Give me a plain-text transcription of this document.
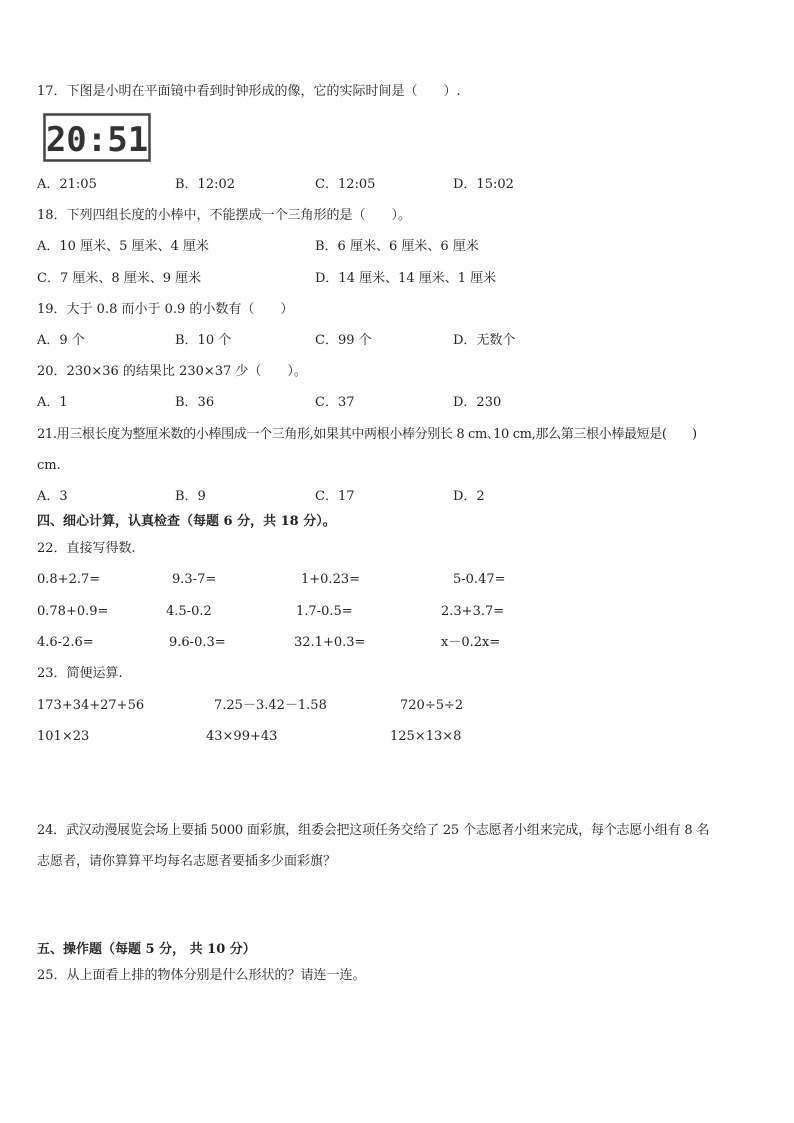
17．下图是小明在平面镜中看到时钟形成的像，它的实际时间是（　　）.
20:51
A．21:05	B．12:02	C．12:05	D．15:02
18．下列四组长度的小棒中，不能摆成一个三角形的是（　　）。
A．10 厘米、5 厘米、4 厘米	B．6 厘米、6 厘米、6 厘米
C．7 厘米、8 厘米、9 厘米	D．14 厘米、14 厘米、1 厘米
19．大于 0.8 而小于 0.9 的小数有（　　）
A．9 个	B．10 个	C．99 个	D．无数个
20．230×36 的结果比 230×37 少（　　）。
A．1	B．36	C．37	D．230
21.用三根长度为整厘米数的小棒围成一个三角形,如果其中两根小棒分别长 8 cm､10 cm,那么第三根小棒最短是(　　)
cm.
A．3	B．9	C．17	D．2
四、细心计算，认真检查（每题 6 分，共 18 分）。
22．直接写得数.
0.8+2.7=	9.3-7=	1+0.23=	5-0.47=
0.78+0.9=	4.5-0.2	1.7-0.5=	2.3+3.7=
4.6-2.6=	9.6-0.3=	32.1+0.3=	x－0.2x=
23．简便运算.
173+34+27+56	7.25－3.42－1.58	720÷5÷2
101×23	43×99+43	125×13×8
24．武汉动漫展览会场上要插 5000 面彩旗，组委会把这项任务交给了 25 个志愿者小组来完成，每个志愿小组有 8 名
志愿者，请你算算平均每名志愿者要插多少面彩旗？
五、操作题（每题 5 分， 共 10 分）
25．从上面看上排的物体分别是什么形状的？请连一连。
